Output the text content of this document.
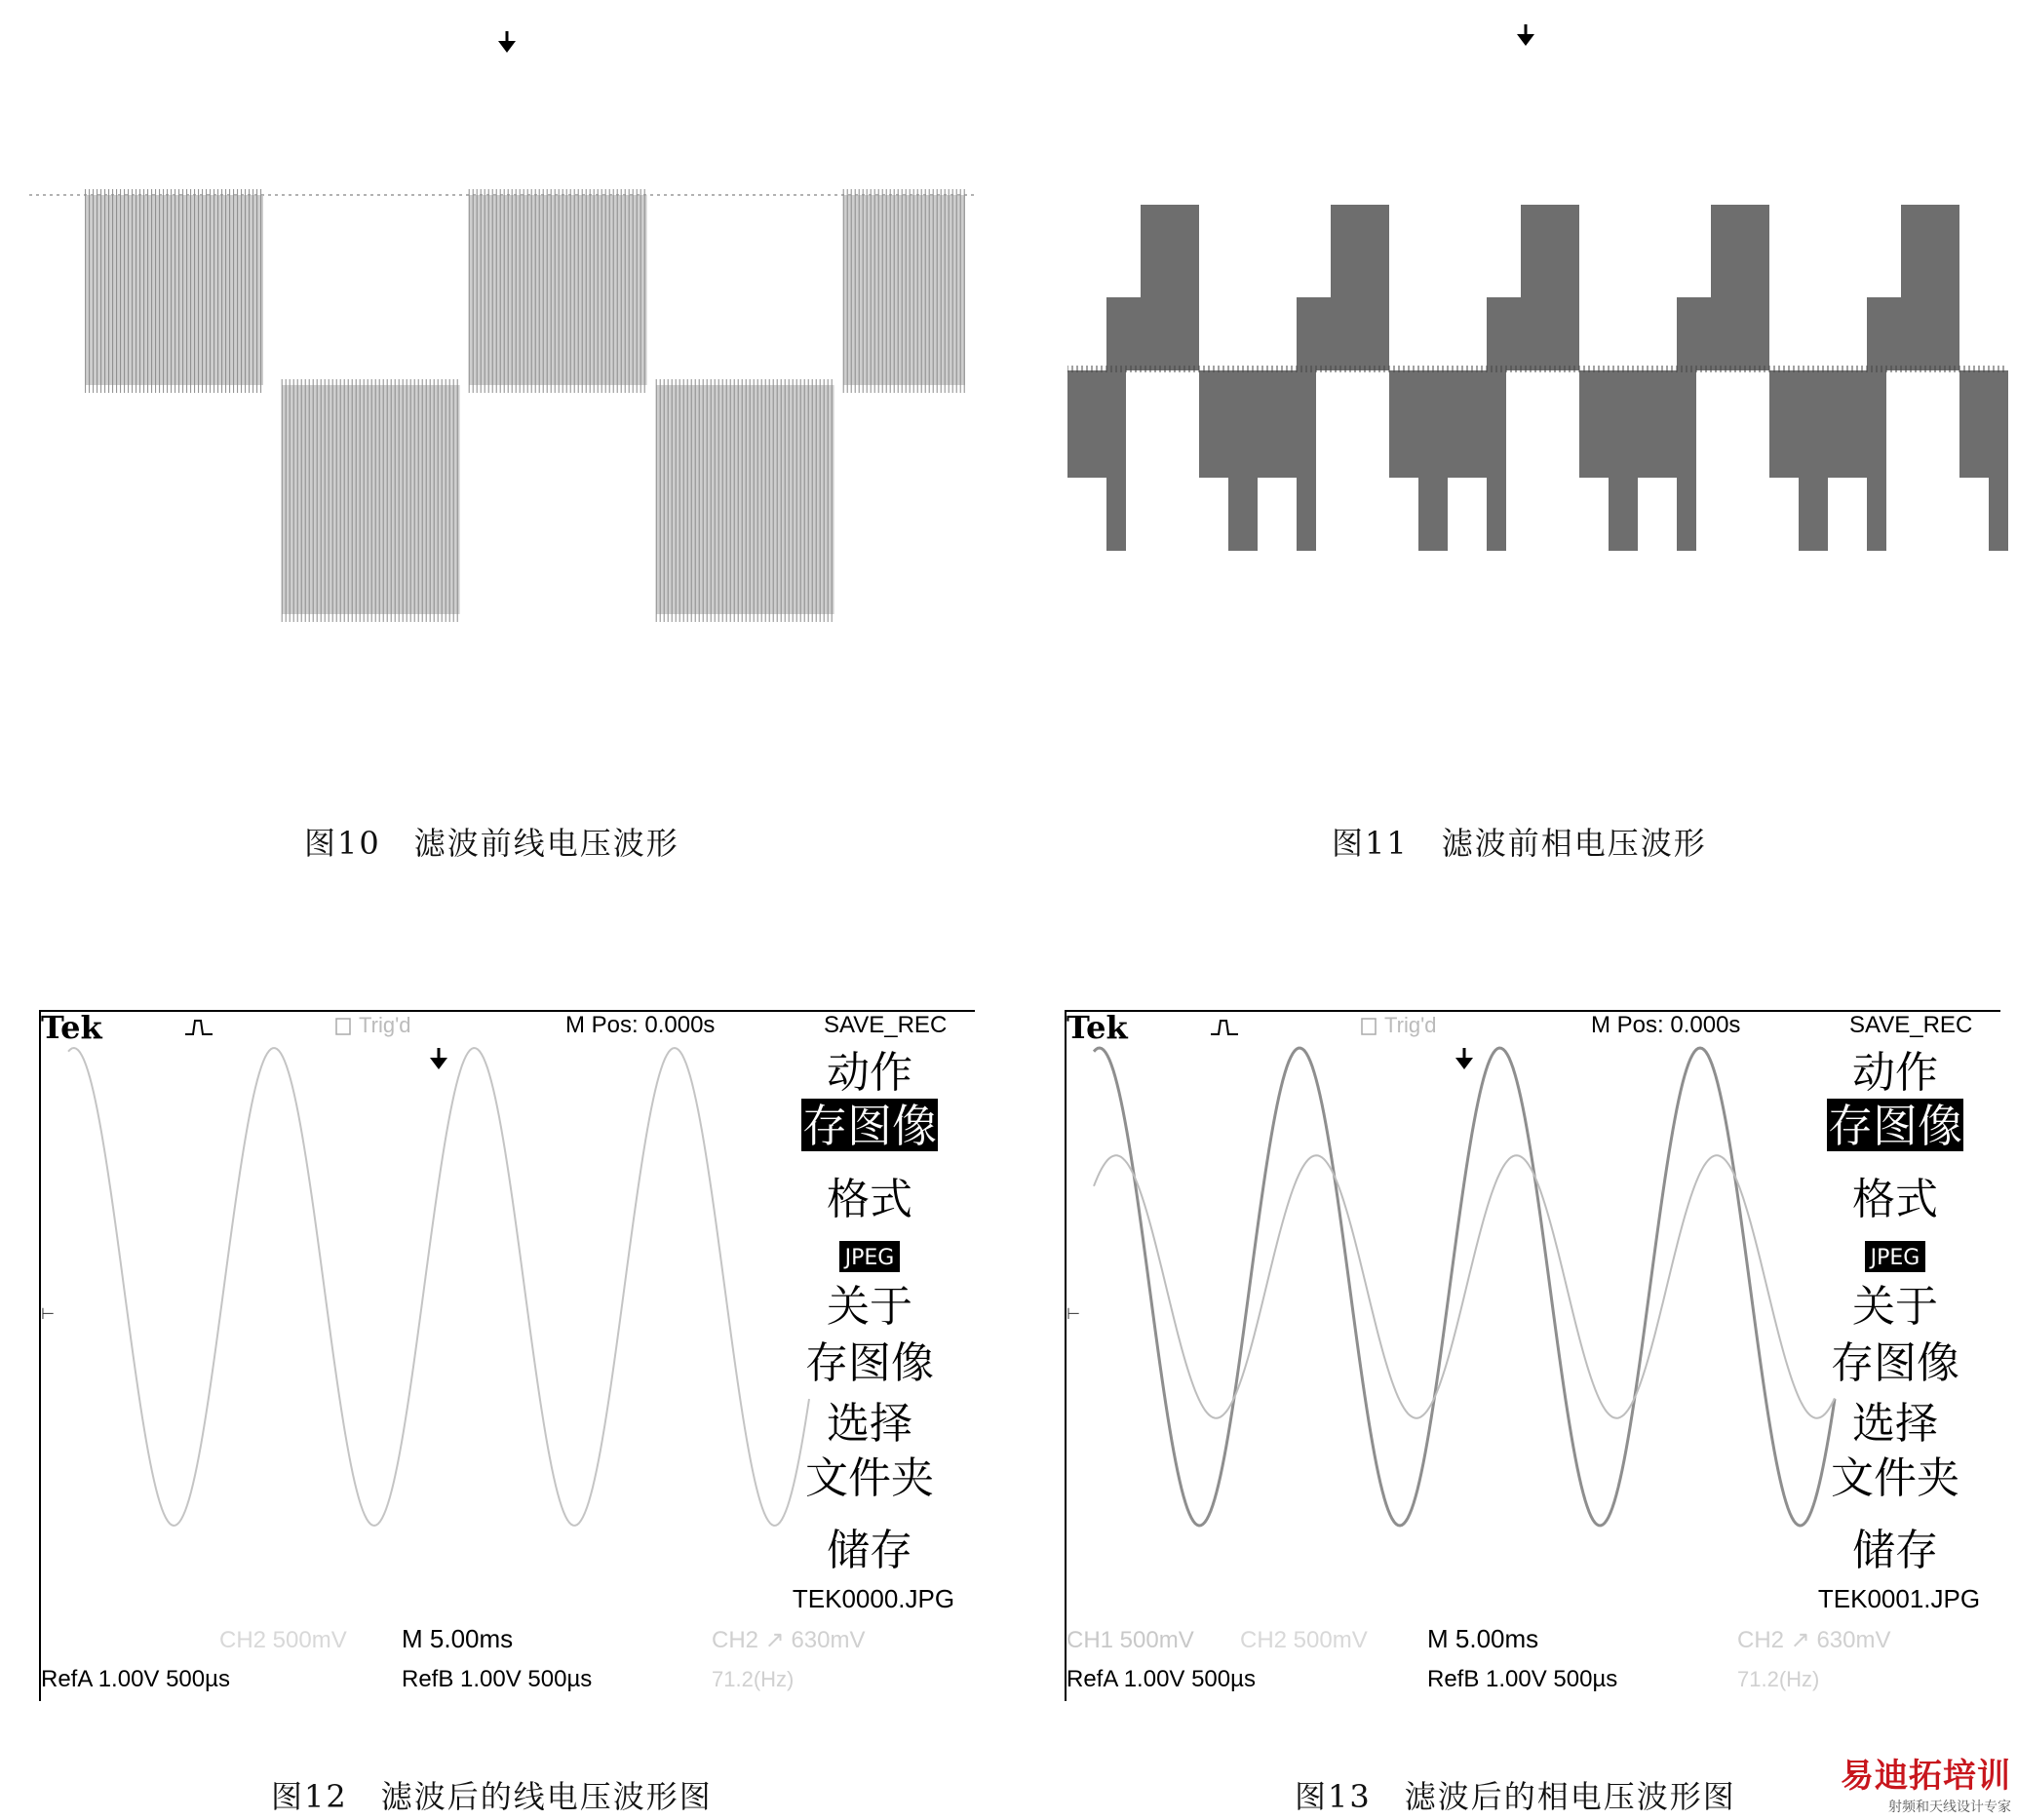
图10 滤波前线电压波形	图11 滤波前相电压波形
Tek	Trig'd	M Pos: 0.000s	SAVE_REC
动作
存图像
格式
JPEG
关于
存图像
选择
文件夹
储存
TEK0000.JPG
⊢
CH2 500mV M 5.00ms	CH2 ↗ 630mV
RefA 1.00V 500µs	RefB 1.00V 500µs	71.2(Hz)
图12 滤波后的线电压波形图
Tek	Trig'd	M Pos: 0.000s	SAVE_REC
动作
存图像
格式
JPEG
关于
存图像
选择
文件夹
储存
TEK0001.JPG
⊢
CH1 500mV CH2 500mV M 5.00ms	CH2 ↗ 630mV
RefA 1.00V 500µs	RefB 1.00V 500µs	71.2(Hz)
图13 滤波后的相电压波形图
易迪拓培训
射频和天线设计专家
